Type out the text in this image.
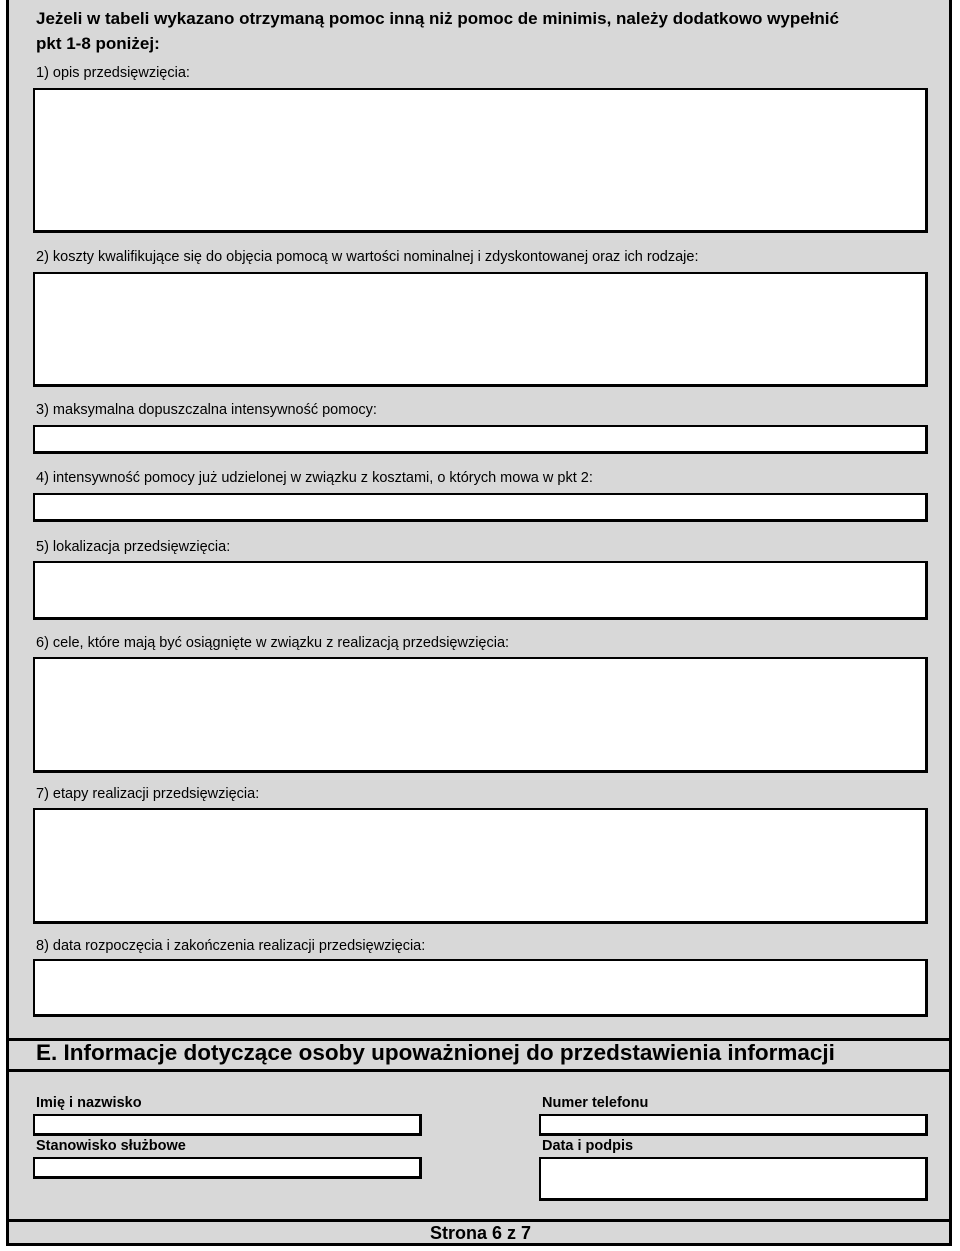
Jeżeli w tabeli wykazano otrzymaną pomoc inną niż pomoc de minimis, należy dodatkowo wypełnić
pkt 1-8 poniżej:
1) opis przedsięwzięcia:
2) koszty kwalifikujące się do objęcia pomocą w wartości nominalnej i zdyskontowanej oraz ich rodzaje:
3) maksymalna dopuszczalna intensywność pomocy:
4) intensywność pomocy już udzielonej w związku z kosztami, o których mowa w pkt 2:
5) lokalizacja przedsięwzięcia:
6) cele, które mają być osiągnięte w związku z realizacją przedsięwzięcia:
7) etapy realizacji przedsięwzięcia:
8) data rozpoczęcia i zakończenia realizacji przedsięwzięcia:
E. Informacje dotyczące osoby upoważnionej do przedstawienia informacji
Imię i nazwisko	Numer telefonu
Stanowisko służbowe	Data i podpis
Strona 6 z 7
